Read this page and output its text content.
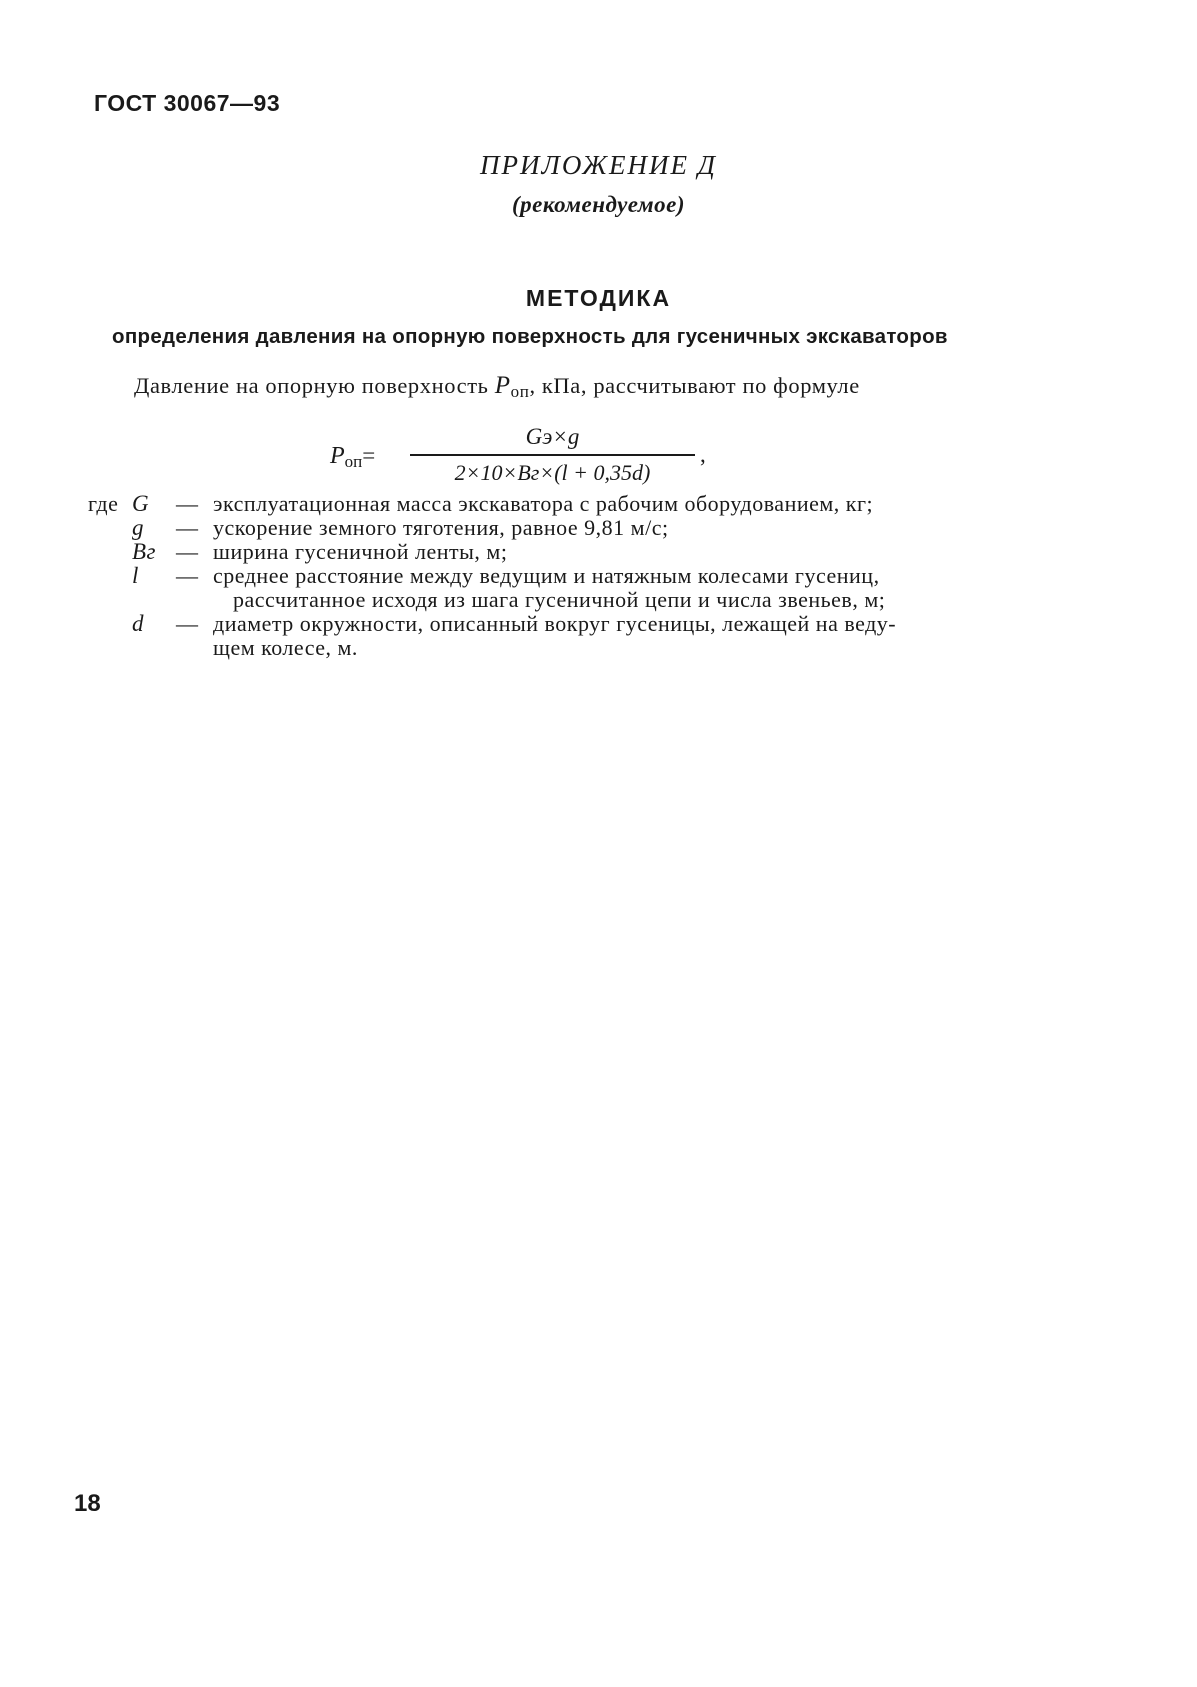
ГОСТ 30067—93
ПРИЛОЖЕНИЕ Д
(рекомендуемое)
МЕТОДИКА
определения давления на опорную поверхность для гусеничных экскаваторов
Давление на опорную поверхность Pоп, кПа, рассчитывают по формуле
Pоп=
Gэ×g
2×10×Bг×(l + 0,35d)
,
где G — эксплуатационная масса экскаватора с рабочим оборудованием, кг;
g — ускорение земного тяготения, равное 9,81 м/с;
Bг — ширина гусеничной ленты, м;
l — среднее расстояние между ведущим и натяжным колесами гусениц,
рассчитанное исходя из шага гусеничной цепи и числа звеньев, м;
d — диаметр окружности, описанный вокруг гусеницы, лежащей на веду-
щем колесе, м.
18
